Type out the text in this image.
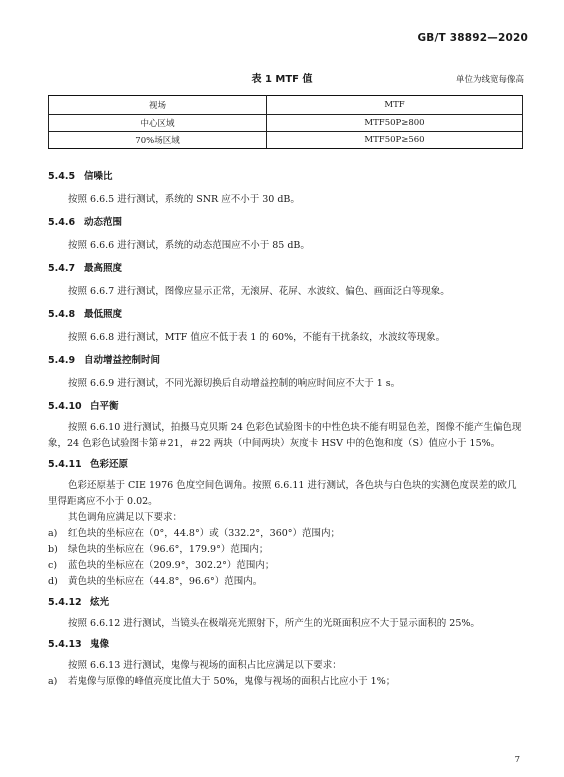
GB/T 38892—2020
表 1 MTF 值	单位为线宽每像高
视场	MTF
中心区域	MTF50P≥800
70%场区域	MTF50P≥560
5.4.5 信噪比

按照 6.6.5 进行测试，系统的 SNR 应不小于 30 dB。

5.4.6 动态范围

按照 6.6.6 进行测试，系统的动态范围应不小于 85 dB。

5.4.7 最高照度

按照 6.6.7 进行测试，图像应显示正常，无滚屏、花屏、水波纹、偏色、画面泛白等现象。

5.4.8 最低照度

按照 6.6.8 进行测试，MTF 值应不低于表 1 的 60%，不能有干扰条纹，水波纹等现象。

5.4.9 自动增益控制时间

按照 6.6.9 进行测试，不同光源切换后自动增益控制的响应时间应不大于 1 s。

5.4.10 白平衡

按照 6.6.10 进行测试，拍摄马克贝斯 24 色彩色试验图卡的中性色块不能有明显色差，图像不能产生偏色现象，24 色彩色试验图卡第＃21，＃22 两块（中间两块）灰度卡 HSV 中的色饱和度（S）值应小于 15%。

5.4.11 色彩还原

色彩还原基于 CIE 1976 色度空间色调角。按照 6.6.11 进行测试，各色块与白色块的实测色度误差的欧几里得距离应不小于 0.02。

其色调角应满足以下要求：

a)	红色块的坐标应在（0°，44.8°）或（332.2°，360°）范围内；
b)	绿色块的坐标应在（96.6°，179.9°）范围内；
c)	蓝色块的坐标应在（209.9°，302.2°）范围内；
d)	黄色块的坐标应在（44.8°，96.6°）范围内。
5.4.12 炫光

按照 6.6.12 进行测试，当镜头在极端亮光照射下，所产生的光斑面积应不大于显示面积的 25%。

5.4.13 鬼像

按照 6.6.13 进行测试，鬼像与视场的面积占比应满足以下要求：

a)	若鬼像与原像的峰值亮度比值大于 50%，鬼像与视场的面积占比应小于 1%；
7
